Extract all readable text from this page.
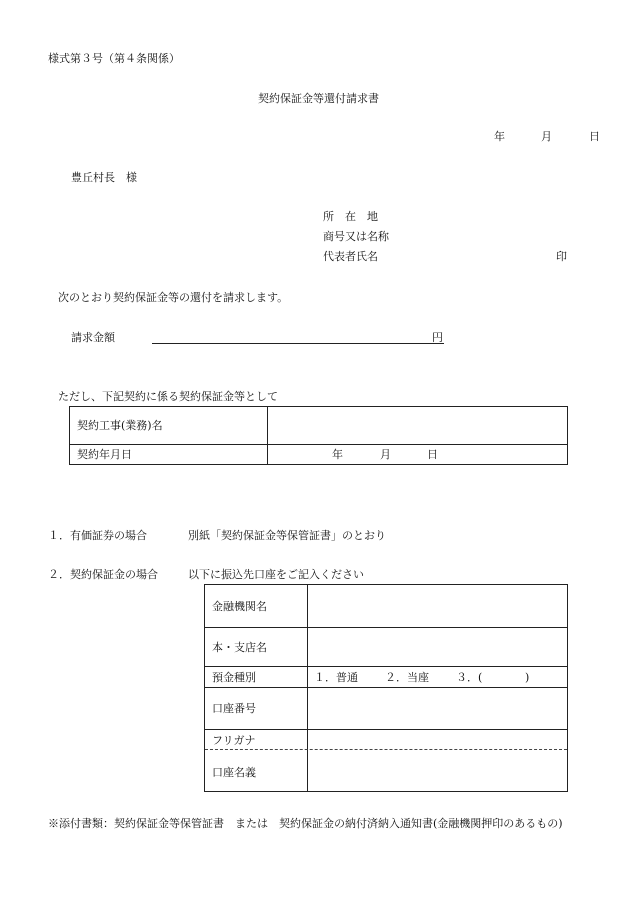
様式第３号（第４条関係）
契約保証金等還付請求書
年	月	日
豊丘村長　様
所　在　地
商号又は名称
代表者氏名	印
次のとおり契約保証金等の還付を請求します。
請求金額	円
ただし、下記契約に係る契約保証金等として
契約工事(業務)名
契約年月日	年	月	日
１．有価証券の場合	別紙「契約保証金等保管証書」のとおり
２．契約保証金の場合	以下に振込先口座をご記入ください
金融機関名
本・支店名
預金種別	１．普通 ２．当座 ３．(	)
口座番号
フリガナ
口座名義
※添付書類：契約保証金等保管証書　または　契約保証金の納付済納入通知書(金融機関押印のあるもの)
